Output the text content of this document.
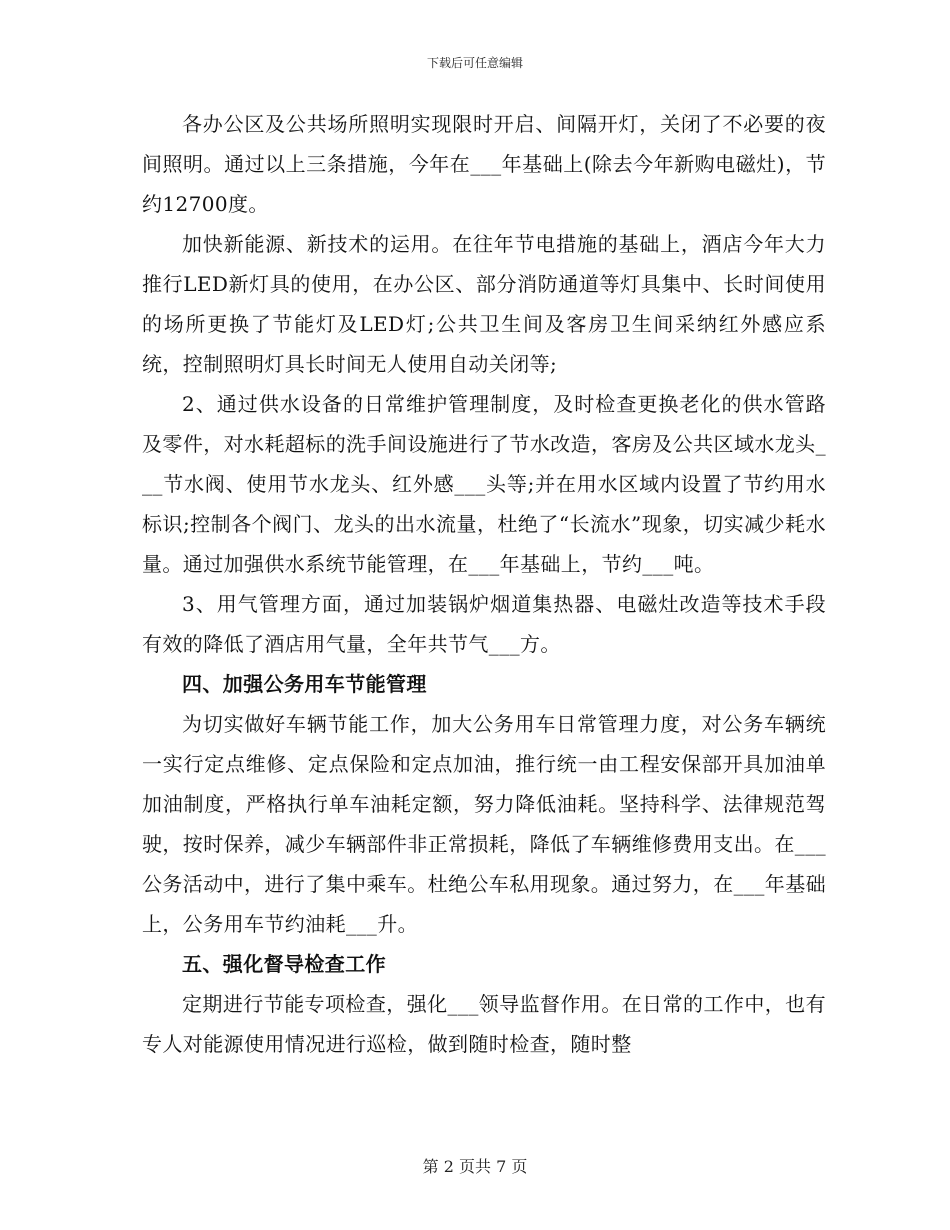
下载后可任意编辑

各办公区及公共场所照明实现限时开启、间隔开灯，关闭了不必要的夜间照明。通过以上三条措施，今年在___年基础上(除去今年新购电磁灶)，节约12700度。

加快新能源、新技术的运用。在往年节电措施的基础上，酒店今年大力推行LED新灯具的使用，在办公区、部分消防通道等灯具集中、长时间使用的场所更换了节能灯及LED灯;公共卫生间及客房卫生间采纳红外感应系统，控制照明灯具长时间无人使用自动关闭等;

2、通过供水设备的日常维护管理制度，及时检查更换老化的供水管路及零件，对水耗超标的洗手间设施进行了节水改造，客房及公共区域水龙头___节水阀、使用节水龙头、红外感___头等;并在用水区域内设置了节约用水标识;控制各个阀门、龙头的出水流量，杜绝了“长流水”现象，切实减少耗水量。通过加强供水系统节能管理，在___年基础上，节约___吨。

3、用气管理方面，通过加装锅炉烟道集热器、电磁灶改造等技术手段有效的降低了酒店用气量，全年共节气___方。

四、加强公务用车节能管理

为切实做好车辆节能工作，加大公务用车日常管理力度，对公务车辆统一实行定点维修、定点保险和定点加油，推行统一由工程安保部开具加油单加油制度，严格执行单车油耗定额，努力降低油耗。坚持科学、法律规范驾驶，按时保养，减少车辆部件非正常损耗，降低了车辆维修费用支出。在___公务活动中，进行了集中乘车。杜绝公车私用现象。通过努力，在___年基础上，公务用车节约油耗___升。

五、强化督导检查工作

定期进行节能专项检查，强化___领导监督作用。在日常的工作中，也有专人对能源使用情况进行巡检，做到随时检查，随时整

第 2 页共 7 页
